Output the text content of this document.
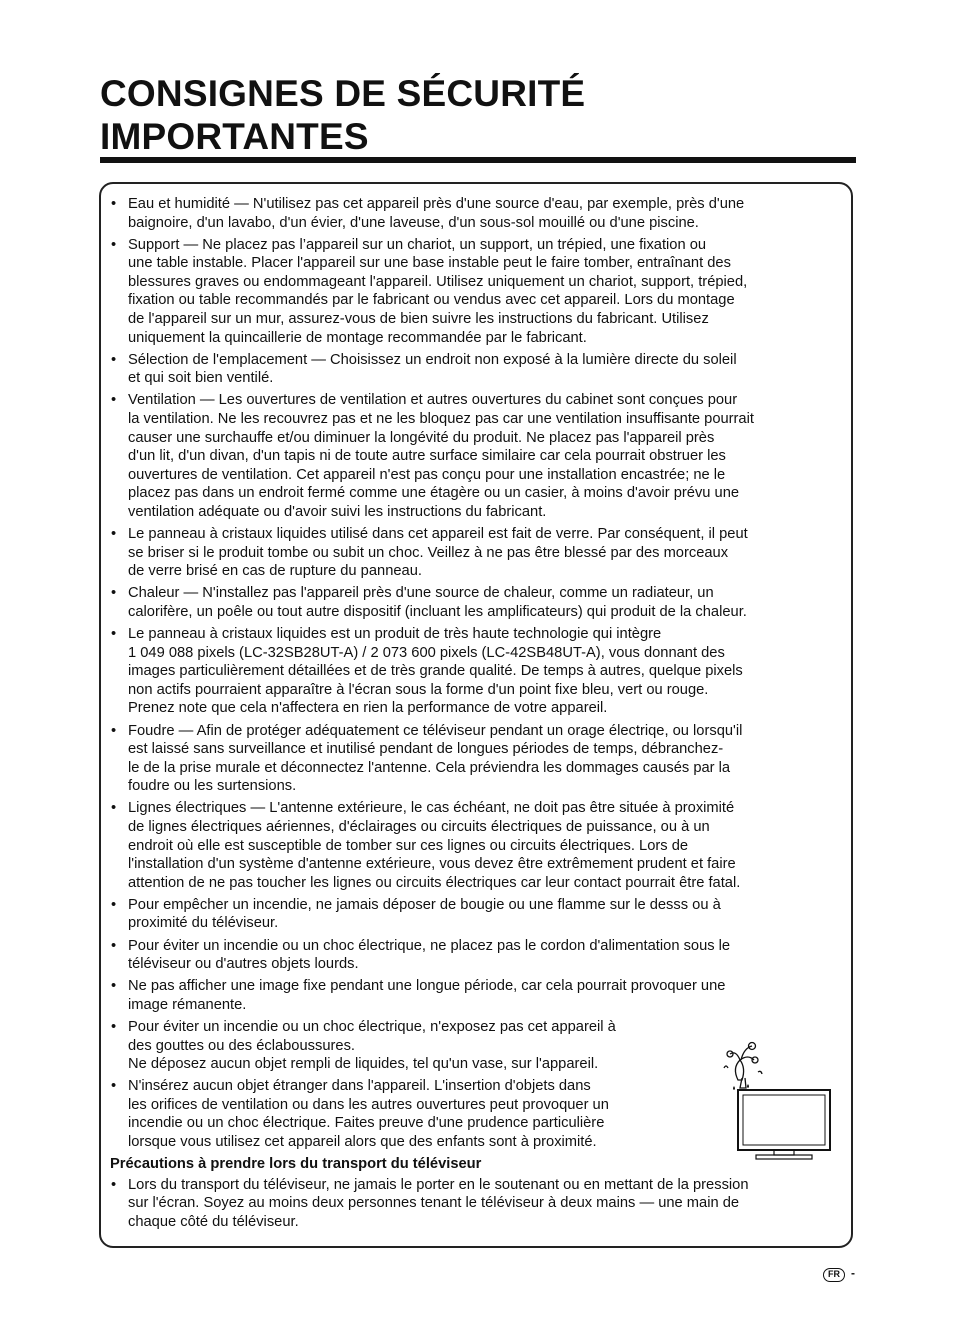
CONSIGNES DE SÉCURITÉ
IMPORTANTES
• Eau et humidité — N'utilisez pas cet appareil près d'une source d'eau, par exemple, près d'une
baignoire, d'un lavabo, d'un évier, d'une laveuse, d'un sous-sol mouillé ou d'une piscine.
• Support — Ne placez pas l’appareil sur un chariot, un support, un trépied, une fixation ou
une table instable. Placer l'appareil sur une base instable peut le faire tomber, entraînant des
blessures graves ou endommageant l'appareil. Utilisez uniquement un chariot, support, trépied,
fixation ou table recommandés par le fabricant ou vendus avec cet appareil. Lors du montage
de l'appareil sur un mur, assurez-vous de bien suivre les instructions du fabricant. Utilisez
uniquement la quincaillerie de montage recommandée par le fabricant.
• Sélection de l'emplacement — Choisissez un endroit non exposé à la lumière directe du soleil
et qui soit bien ventilé.
• Ventilation — Les ouvertures de ventilation et autres ouvertures du cabinet sont conçues pour
la ventilation. Ne les recouvrez pas et ne les bloquez pas car une ventilation insuffisante pourrait
causer une surchauffe et/ou diminuer la longévité du produit. Ne placez pas l'appareil près
d'un lit, d'un divan, d'un tapis ni de toute autre surface similaire car cela pourrait obstruer les
ouvertures de ventilation. Cet appareil n'est pas conçu pour une installation encastrée; ne le
placez pas dans un endroit fermé comme une étagère ou un casier, à moins d'avoir prévu une
ventilation adéquate ou d'avoir suivi les instructions du fabricant.
• Le panneau à cristaux liquides utilisé dans cet appareil est fait de verre. Par conséquent, il peut
se briser si le produit tombe ou subit un choc. Veillez à ne pas être blessé par des morceaux
de verre brisé en cas de rupture du panneau.
• Chaleur — N'installez pas l'appareil près d'une source de chaleur, comme un radiateur, un
calorifère, un poêle ou tout autre dispositif (incluant les amplificateurs) qui produit de la chaleur.
• Le panneau à cristaux liquides est un produit de très haute technologie qui intègre
1 049 088 pixels (LC-32SB28UT-A) / 2 073 600 pixels (LC-42SB48UT-A), vous donnant des
images particulièrement détaillées et de très grande qualité. De temps à autres, quelque pixels
non actifs pourraient apparaître à l'écran sous la forme d'un point fixe bleu, vert ou rouge.
Prenez note que cela n'affectera en rien la performance de votre appareil.
• Foudre — Afin de protéger adéquatement ce téléviseur pendant un orage électriqe, ou lorsqu'il
est laissé sans surveillance et inutilisé pendant de longues périodes de temps, débranchez-
le de la prise murale et déconnectez l'antenne. Cela préviendra les dommages causés par la
foudre ou les surtensions.
• Lignes électriques — L'antenne extérieure, le cas échéant, ne doit pas être située à proximité
de lignes électriques aériennes, d'éclairages ou circuits électriques de puissance, ou à un
endroit où elle est susceptible de tomber sur ces lignes ou circuits électriques. Lors de
l'installation d'un système d'antenne extérieure, vous devez être extrêmement prudent et faire
attention de ne pas toucher les lignes ou circuits électriques car leur contact pourrait être fatal.
• Pour empêcher un incendie, ne jamais déposer de bougie ou une flamme sur le desss ou à
proximité du téléviseur.
• Pour éviter un incendie ou un choc électrique, ne placez pas le cordon d'alimentation sous le
téléviseur ou d'autres objets lourds.
• Ne pas afficher une image fixe pendant une longue période, car cela pourrait provoquer une
image rémanente.
• Pour éviter un incendie ou un choc électrique, n'exposez pas cet appareil à
des gouttes ou des éclaboussures.
Ne déposez aucun objet rempli de liquides, tel qu'un vase, sur l'appareil.
• N'insérez aucun objet étranger dans l'appareil. L'insertion d'objets dans
les orifices de ventilation ou dans les autres ouvertures peut provoquer un
incendie ou un choc électrique. Faites preuve d'une prudence particulière
lorsque vous utilisez cet appareil alors que des enfants sont à proximité.
Précautions à prendre lors du transport du téléviseur
• Lors du transport du téléviseur, ne jamais le porter en le soutenant ou en mettant de la pression
sur l'écran. Soyez au moins deux personnes tenant le téléviseur à deux mains — une main de
chaque côté du téléviseur.
FR -
